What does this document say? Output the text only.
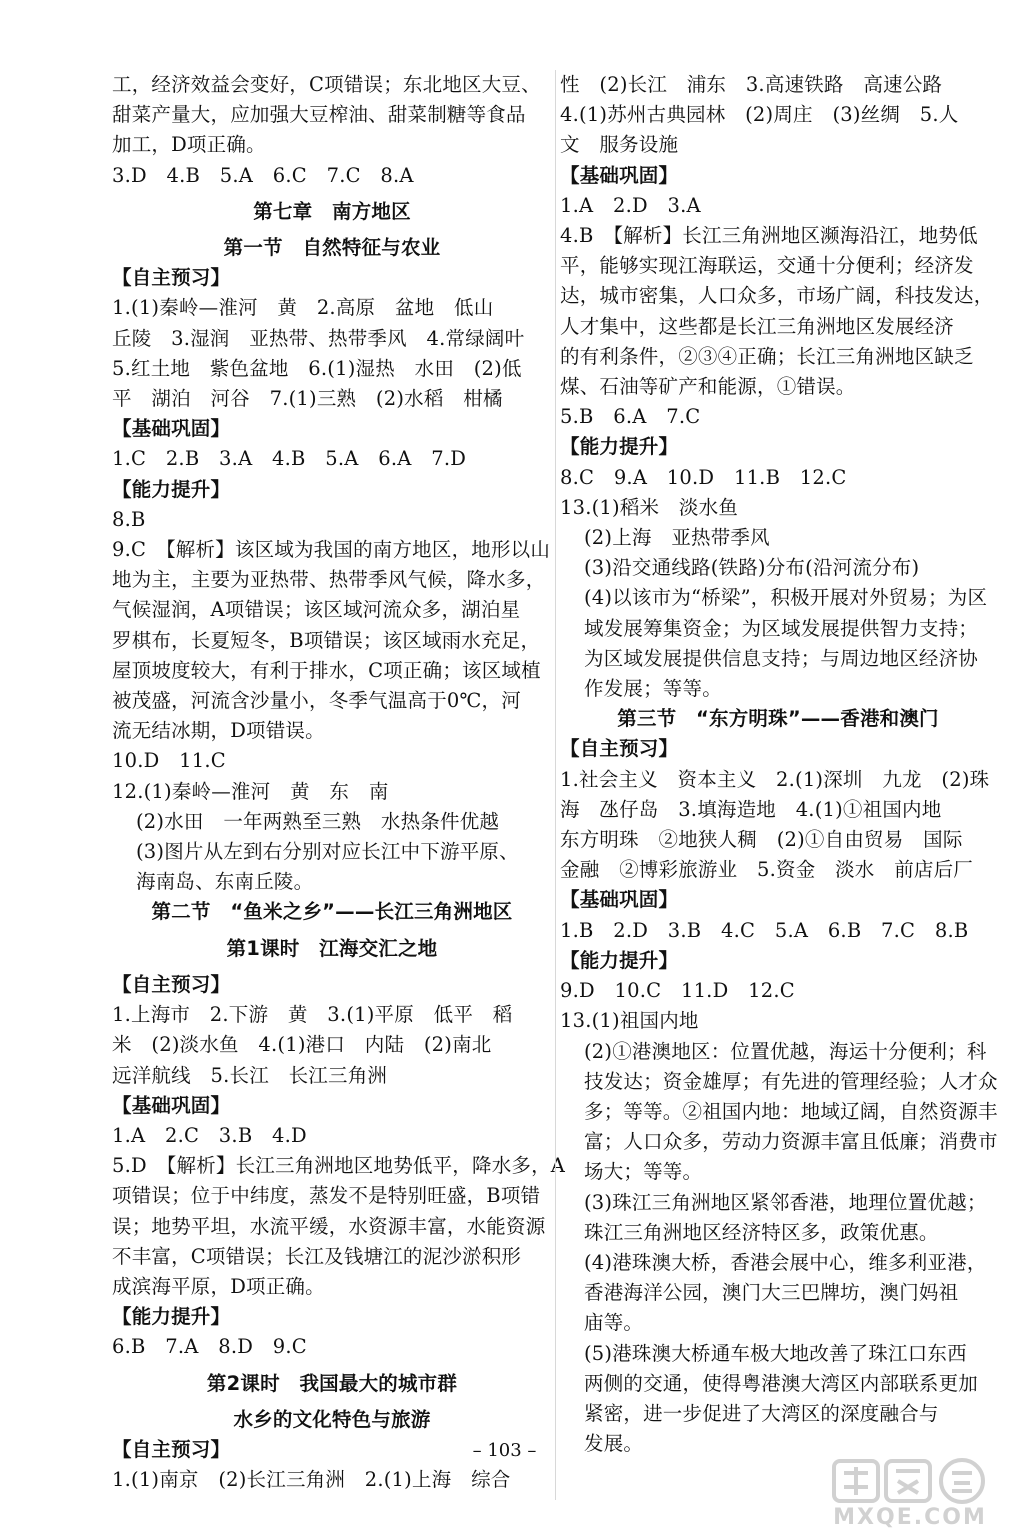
工，经济效益会变好，C项错误；东北地区大豆、
甜菜产量大，应加强大豆榨油、甜菜制糖等食品
加工，D项正确。
3.D　4.B　5.A　6.C　7.C　8.A
第七章　南方地区
第一节　自然特征与农业
【自主预习】
1.(1)秦岭—淮河　黄　2.高原　盆地　低山
丘陵　3.湿润　亚热带、热带季风　4.常绿阔叶
5.红土地　紫色盆地　6.(1)湿热　水田　(2)低
平　湖泊　河谷　7.(1)三熟　(2)水稻　柑橘
【基础巩固】
1.C　2.B　3.A　4.B　5.A　6.A　7.D
【能力提升】
8.B
9.C　【解析】该区域为我国的南方地区，地形以山
地为主，主要为亚热带、热带季风气候，降水多，
气候湿润，A项错误；该区域河流众多，湖泊星
罗棋布，长夏短冬，B项错误；该区域雨水充足，
屋顶坡度较大，有利于排水，C项正确；该区域植
被茂盛，河流含沙量小，冬季气温高于0℃，河
流无结冰期，D项错误。
10.D　11.C
12.(1)秦岭—淮河　黄　东　南
(2)水田　一年两熟至三熟　水热条件优越
(3)图片从左到右分别对应长江中下游平原、
海南岛、东南丘陵。
第二节　“鱼米之乡”——长江三角洲地区
第1课时　江海交汇之地
【自主预习】
1.上海市　2.下游　黄　3.(1)平原　低平　稻
米　(2)淡水鱼　4.(1)港口　内陆　(2)南北
远洋航线　5.长江　长江三角洲
【基础巩固】
1.A　2.C　3.B　4.D
5.D　【解析】长江三角洲地区地势低平，降水多，A
项错误；位于中纬度，蒸发不是特别旺盛，B项错
误；地势平坦，水流平缓，水资源丰富，水能资源
不丰富，C项错误；长江及钱塘江的泥沙淤积形
成滨海平原，D项正确。
【能力提升】
6.B　7.A　8.D　9.C
第2课时　我国最大的城市群
水乡的文化特色与旅游
【自主预习】
1.(1)南京　(2)长江三角洲　2.(1)上海　综合
性　(2)长江　浦东　3.高速铁路　高速公路
4.(1)苏州古典园林　(2)周庄　(3)丝绸　5.人
文　服务设施
【基础巩固】
1.A　2.D　3.A
4.B　【解析】长江三角洲地区濒海沿江，地势低
平，能够实现江海联运，交通十分便利；经济发
达，城市密集，人口众多，市场广阔，科技发达，
人才集中，这些都是长江三角洲地区发展经济
的有利条件，②③④正确；长江三角洲地区缺乏
煤、石油等矿产和能源，①错误。
5.B　6.A　7.C
【能力提升】
8.C　9.A　10.D　11.B　12.C
13.(1)稻米　淡水鱼
(2)上海　亚热带季风
(3)沿交通线路(铁路)分布(沿河流分布)
(4)以该市为“桥梁”，积极开展对外贸易；为区
域发展筹集资金；为区域发展提供智力支持；
为区域发展提供信息支持；与周边地区经济协
作发展；等等。
第三节　“东方明珠”——香港和澳门
【自主预习】
1.社会主义　资本主义　2.(1)深圳　九龙　(2)珠
海　氹仔岛　3.填海造地　4.(1)①祖国内地
东方明珠　②地狭人稠　(2)①自由贸易　国际
金融　②博彩旅游业　5.资金　淡水　前店后厂
【基础巩固】
1.B　2.D　3.B　4.C　5.A　6.B　7.C　8.B
【能力提升】
9.D　10.C　11.D　12.C
13.(1)祖国内地
(2)①港澳地区：位置优越，海运十分便利；科
技发达；资金雄厚；有先进的管理经验；人才众
多；等等。②祖国内地：地域辽阔，自然资源丰
富；人口众多，劳动力资源丰富且低廉；消费市
场大；等等。
(3)珠江三角洲地区紧邻香港，地理位置优越；
珠江三角洲地区经济特区多，政策优惠。
(4)港珠澳大桥，香港会展中心，维多利亚港，
香港海洋公园，澳门大三巴牌坊，澳门妈祖
庙等。
(5)港珠澳大桥通车极大地改善了珠江口东西
两侧的交通，使得粤港澳大湾区内部联系更加
紧密，进一步促进了大湾区的深度融合与
发展。
– 103 –
MXQE.COM
